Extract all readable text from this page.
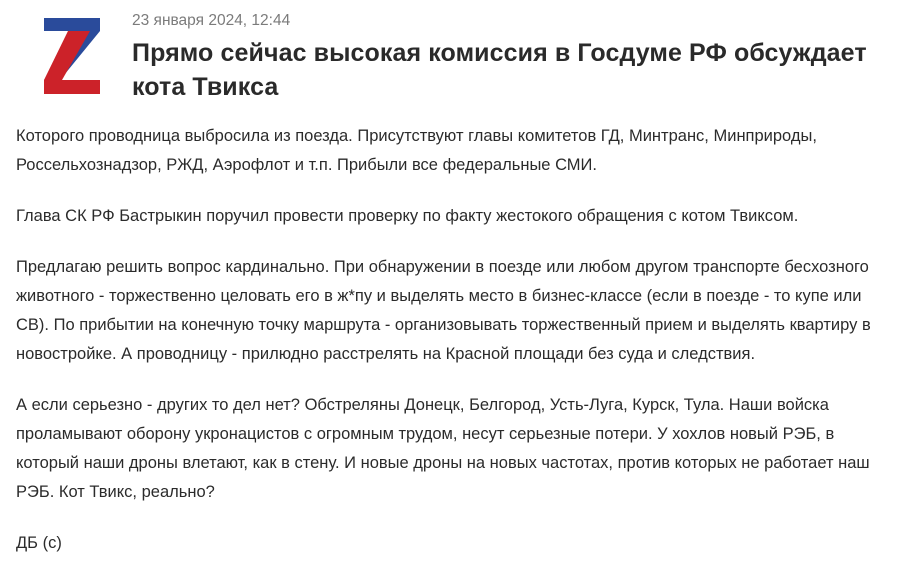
23 января 2024, 12:44
Прямо сейчас высокая комиссия в Госдуме РФ обсуждает кота Твикса

Которого проводница выбросила из поезда. Присутствуют главы комитетов ГД, Минтранс, Минприроды, Россельхознадзор, РЖД, Аэрофлот и т.п. Прибыли все федеральные СМИ.

Глава СК РФ Бастрыкин поручил провести проверку по факту жестокого обращения с котом Твиксом.

Предлагаю решить вопрос кардинально. При обнаружении в поезде или любом другом транспорте бесхозного животного - торжественно целовать его в ж*пу и выделять место в бизнес-классе (если в поезде - то купе или СВ). По прибытии на конечную точку маршрута - организовывать торжественный прием и выделять квартиру в новостройке. А проводницу - прилюдно расстрелять на Красной площади без суда и следствия.

А если серьезно - других то дел нет? Обстреляны Донецк, Белгород, Усть-Луга, Курск, Тула. Наши войска проламывают оборону укронацистов с огромным трудом, несут серьезные потери. У хохлов новый РЭБ, в который наши дроны влетают, как в стену. И новые дроны на новых частотах, против которых не работает наш РЭБ. Кот Твикс, реально?

ДБ (с)
